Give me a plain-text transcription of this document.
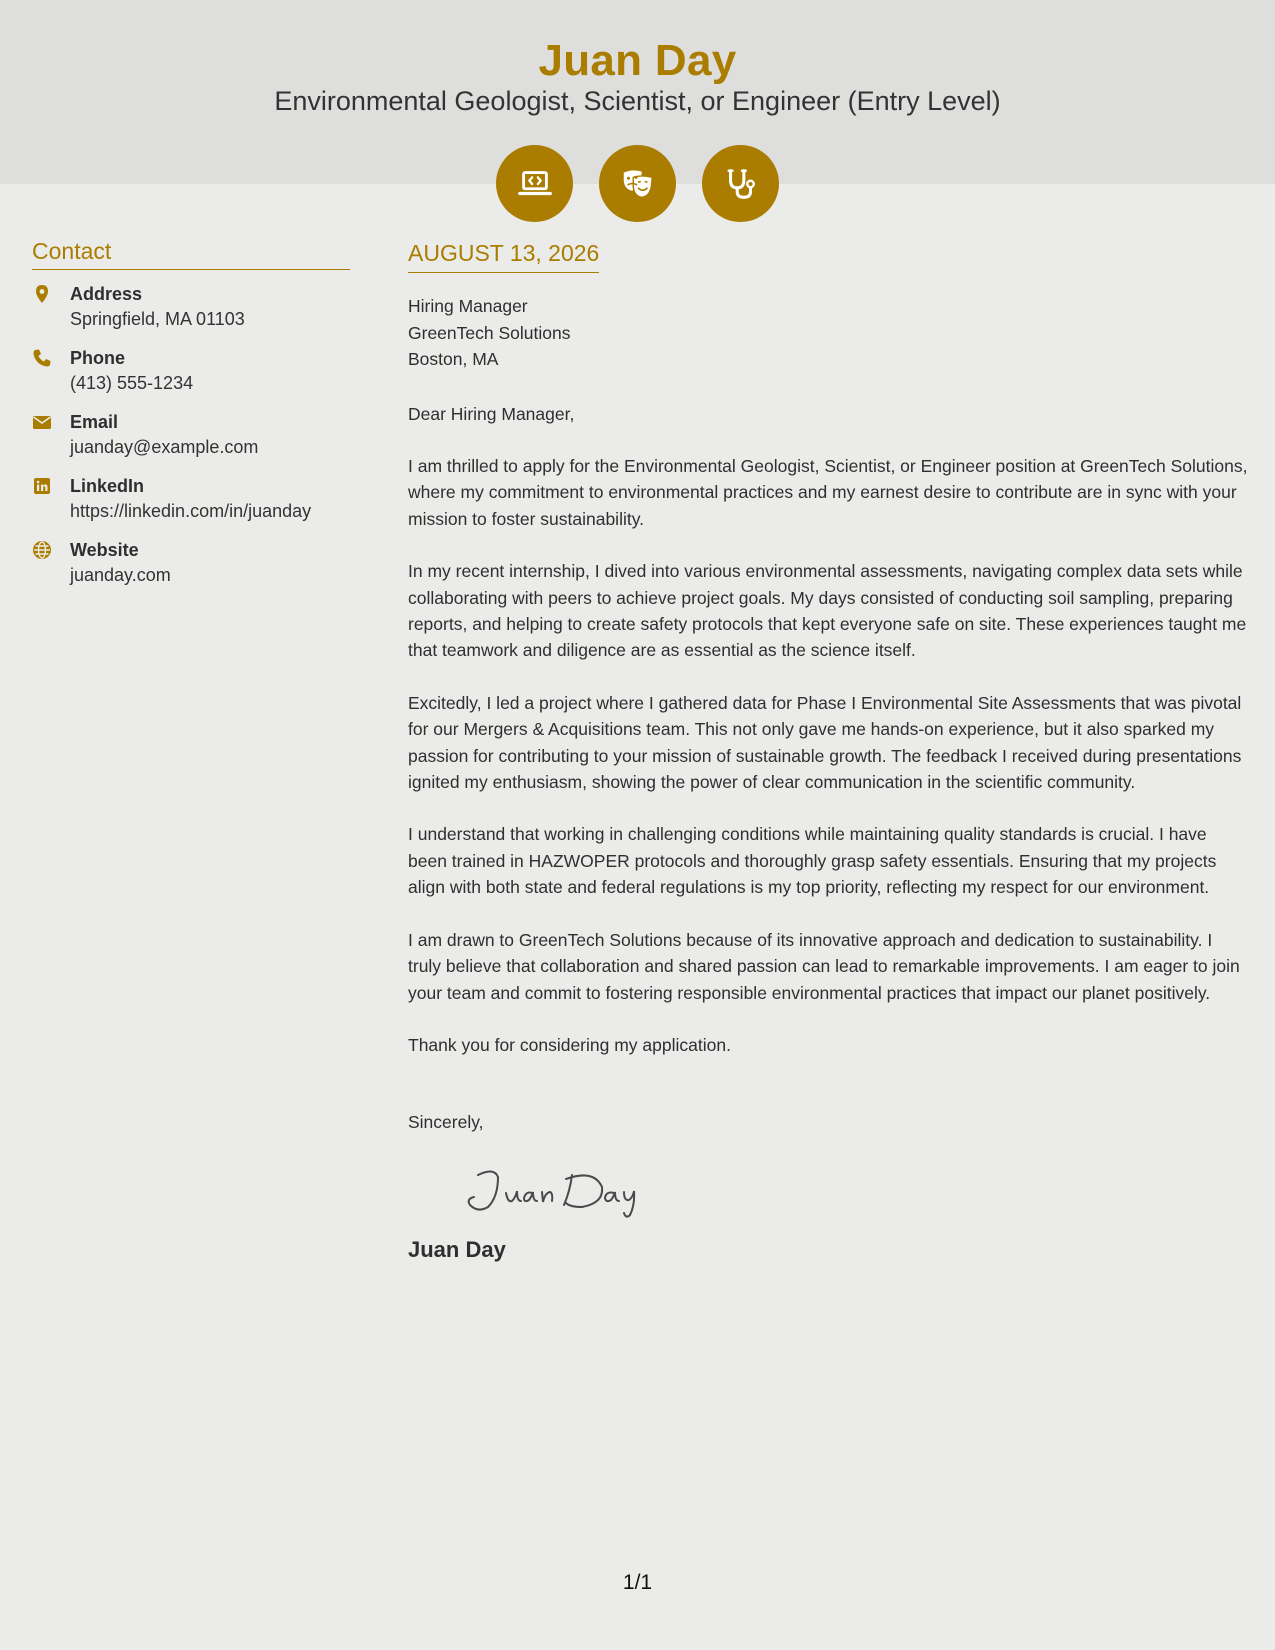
Juan Day
Environmental Geologist, Scientist, or Engineer (Entry Level)
Contact
Address
Springfield, MA 01103
Phone
(413) 555-1234
Email
juanday@example.com
LinkedIn
https://linkedin.com/in/juanday
Website
juanday.com
AUGUST 13, 2026
Hiring Manager
GreenTech Solutions
Boston, MA
Dear Hiring Manager,

I am thrilled to apply for the Environmental Geologist, Scientist, or Engineer position at GreenTech Solutions, where my commitment to environmental practices and my earnest desire to contribute are in sync with your mission to foster sustainability.

In my recent internship, I dived into various environmental assessments, navigating complex data sets while collaborating with peers to achieve project goals. My days consisted of conducting soil sampling, preparing reports, and helping to create safety protocols that kept everyone safe on site. These experiences taught me that teamwork and diligence are as essential as the science itself.

Excitedly, I led a project where I gathered data for Phase I Environmental Site Assessments that was pivotal for our Mergers & Acquisitions team. This not only gave me hands-on experience, but it also sparked my passion for contributing to your mission of sustainable growth. The feedback I received during presentations ignited my enthusiasm, showing the power of clear communication in the scientific community.

I understand that working in challenging conditions while maintaining quality standards is crucial. I have been trained in HAZWOPER protocols and thoroughly grasp safety essentials. Ensuring that my projects align with both state and federal regulations is my top priority, reflecting my respect for our environment.

I am drawn to GreenTech Solutions because of its innovative approach and dedication to sustainability. I truly believe that collaboration and shared passion can lead to remarkable improvements. I am eager to join your team and commit to fostering responsible environmental practices that impact our planet positively.

Thank you for considering my application.

Sincerely,
Juan Day
1/1
